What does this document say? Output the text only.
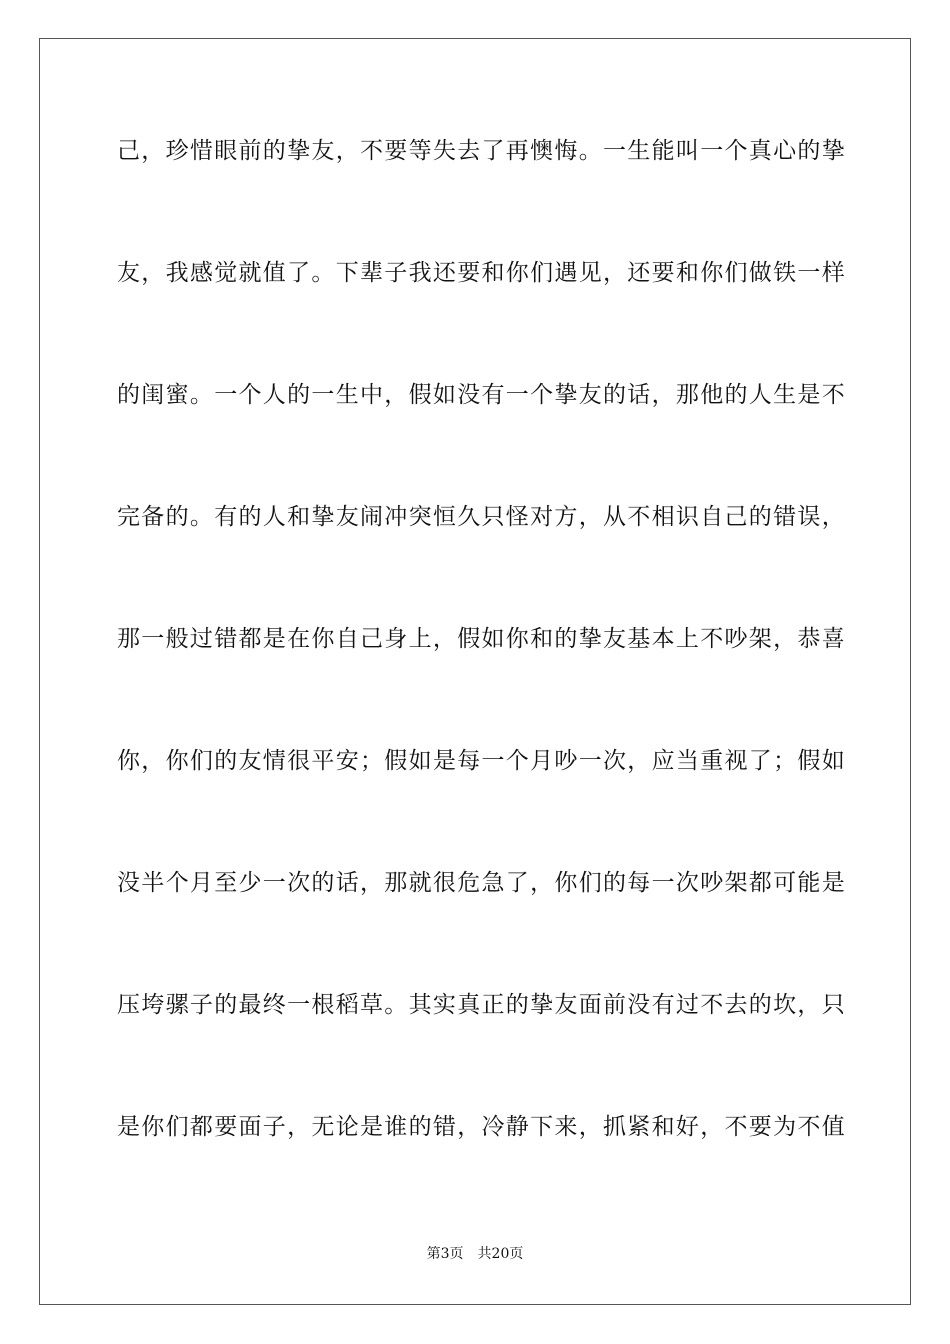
己，珍惜眼前的挚友，不要等失去了再懊悔。一生能叫一个真心的挚
友，我感觉就值了。下辈子我还要和你们遇见，还要和你们做铁一样
的闺蜜。一个人的一生中，假如没有一个挚友的话，那他的人生是不
完备的。有的人和挚友闹冲突恒久只怪对方，从不相识自己的错误，
那一般过错都是在你自己身上，假如你和的挚友基本上不吵架，恭喜
你，你们的友情很平安；假如是每一个月吵一次，应当重视了；假如
没半个月至少一次的话，那就很危急了，你们的每一次吵架都可能是
压垮骡子的最终一根稻草。其实真正的挚友面前没有过不去的坎，只
是你们都要面子，无论是谁的错，冷静下来，抓紧和好，不要为不值
第3页 共20页
